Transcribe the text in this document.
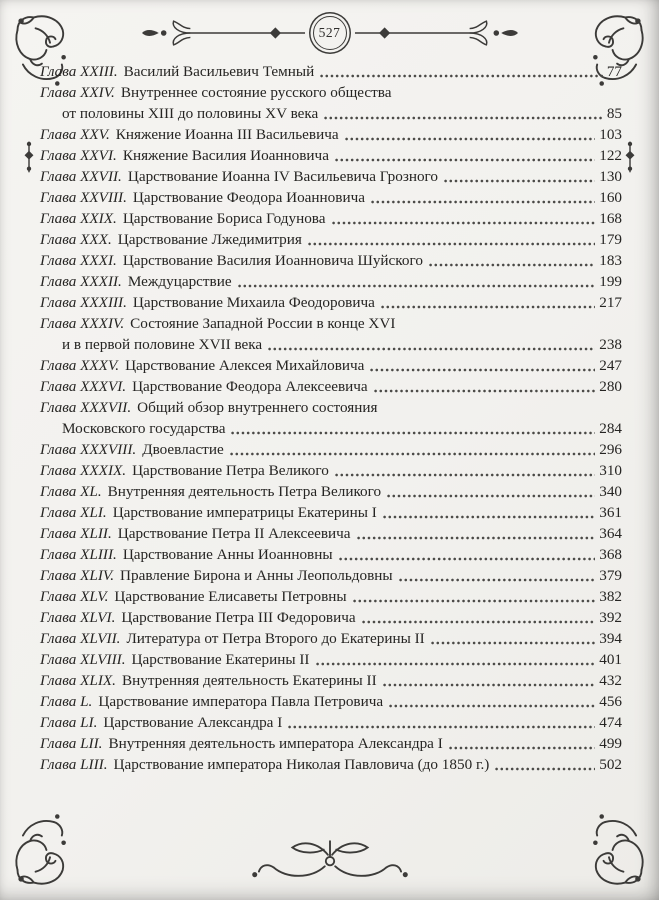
527
Глава XXIII. Василий Васильевич Темный	77
Глава XXIV. Внутреннее состояние русского общества
от половины XIII до половины XV века	85
Глава XXV. Княжение Иоанна III Васильевича	103
Глава XXVI. Княжение Василия Иоанновича	122
Глава XXVII. Царствование Иоанна IV Васильевича Грозного	130
Глава XXVIII. Царствование Феодора Иоанновича	160
Глава XXIX. Царствование Бориса Годунова	168
Глава XXX. Царствование Лжедимитрия	179
Глава XXXI. Царствование Василия Иоанновича Шуйского	183
Глава XXXII. Междуцарствие	199
Глава XXXIII. Царствование Михаила Феодоровича	217
Глава XXXIV. Состояние Западной России в конце XVI
и в первой половине XVII века	238
Глава XXXV. Царствование Алексея Михайловича	247
Глава XXXVI. Царствование Феодора Алексеевича	280
Глава XXXVII. Общий обзор внутреннего состояния
Московского государства	284
Глава XXXVIII. Двоевластие	296
Глава XXXIX. Царствование Петра Великого	310
Глава XL. Внутренняя деятельность Петра Великого	340
Глава XLI. Царствование императрицы Екатерины I	361
Глава XLII. Царствование Петра II Алексеевича	364
Глава XLIII. Царствование Анны Иоанновны	368
Глава XLIV. Правление Бирона и Анны Леопольдовны	379
Глава XLV. Царствование Елисаветы Петровны	382
Глава XLVI. Царствование Петра III Федоровича	392
Глава XLVII. Литература от Петра Второго до Екатерины II	394
Глава XLVIII. Царствование Екатерины II	401
Глава XLIX. Внутренняя деятельность Екатерины II	432
Глава L. Царствование императора Павла Петровича	456
Глава LI. Царствование Александра I	474
Глава LII. Внутренняя деятельность императора Александра I	499
Глава LIII. Царствование императора Николая Павловича (до 1850 г.)	502
